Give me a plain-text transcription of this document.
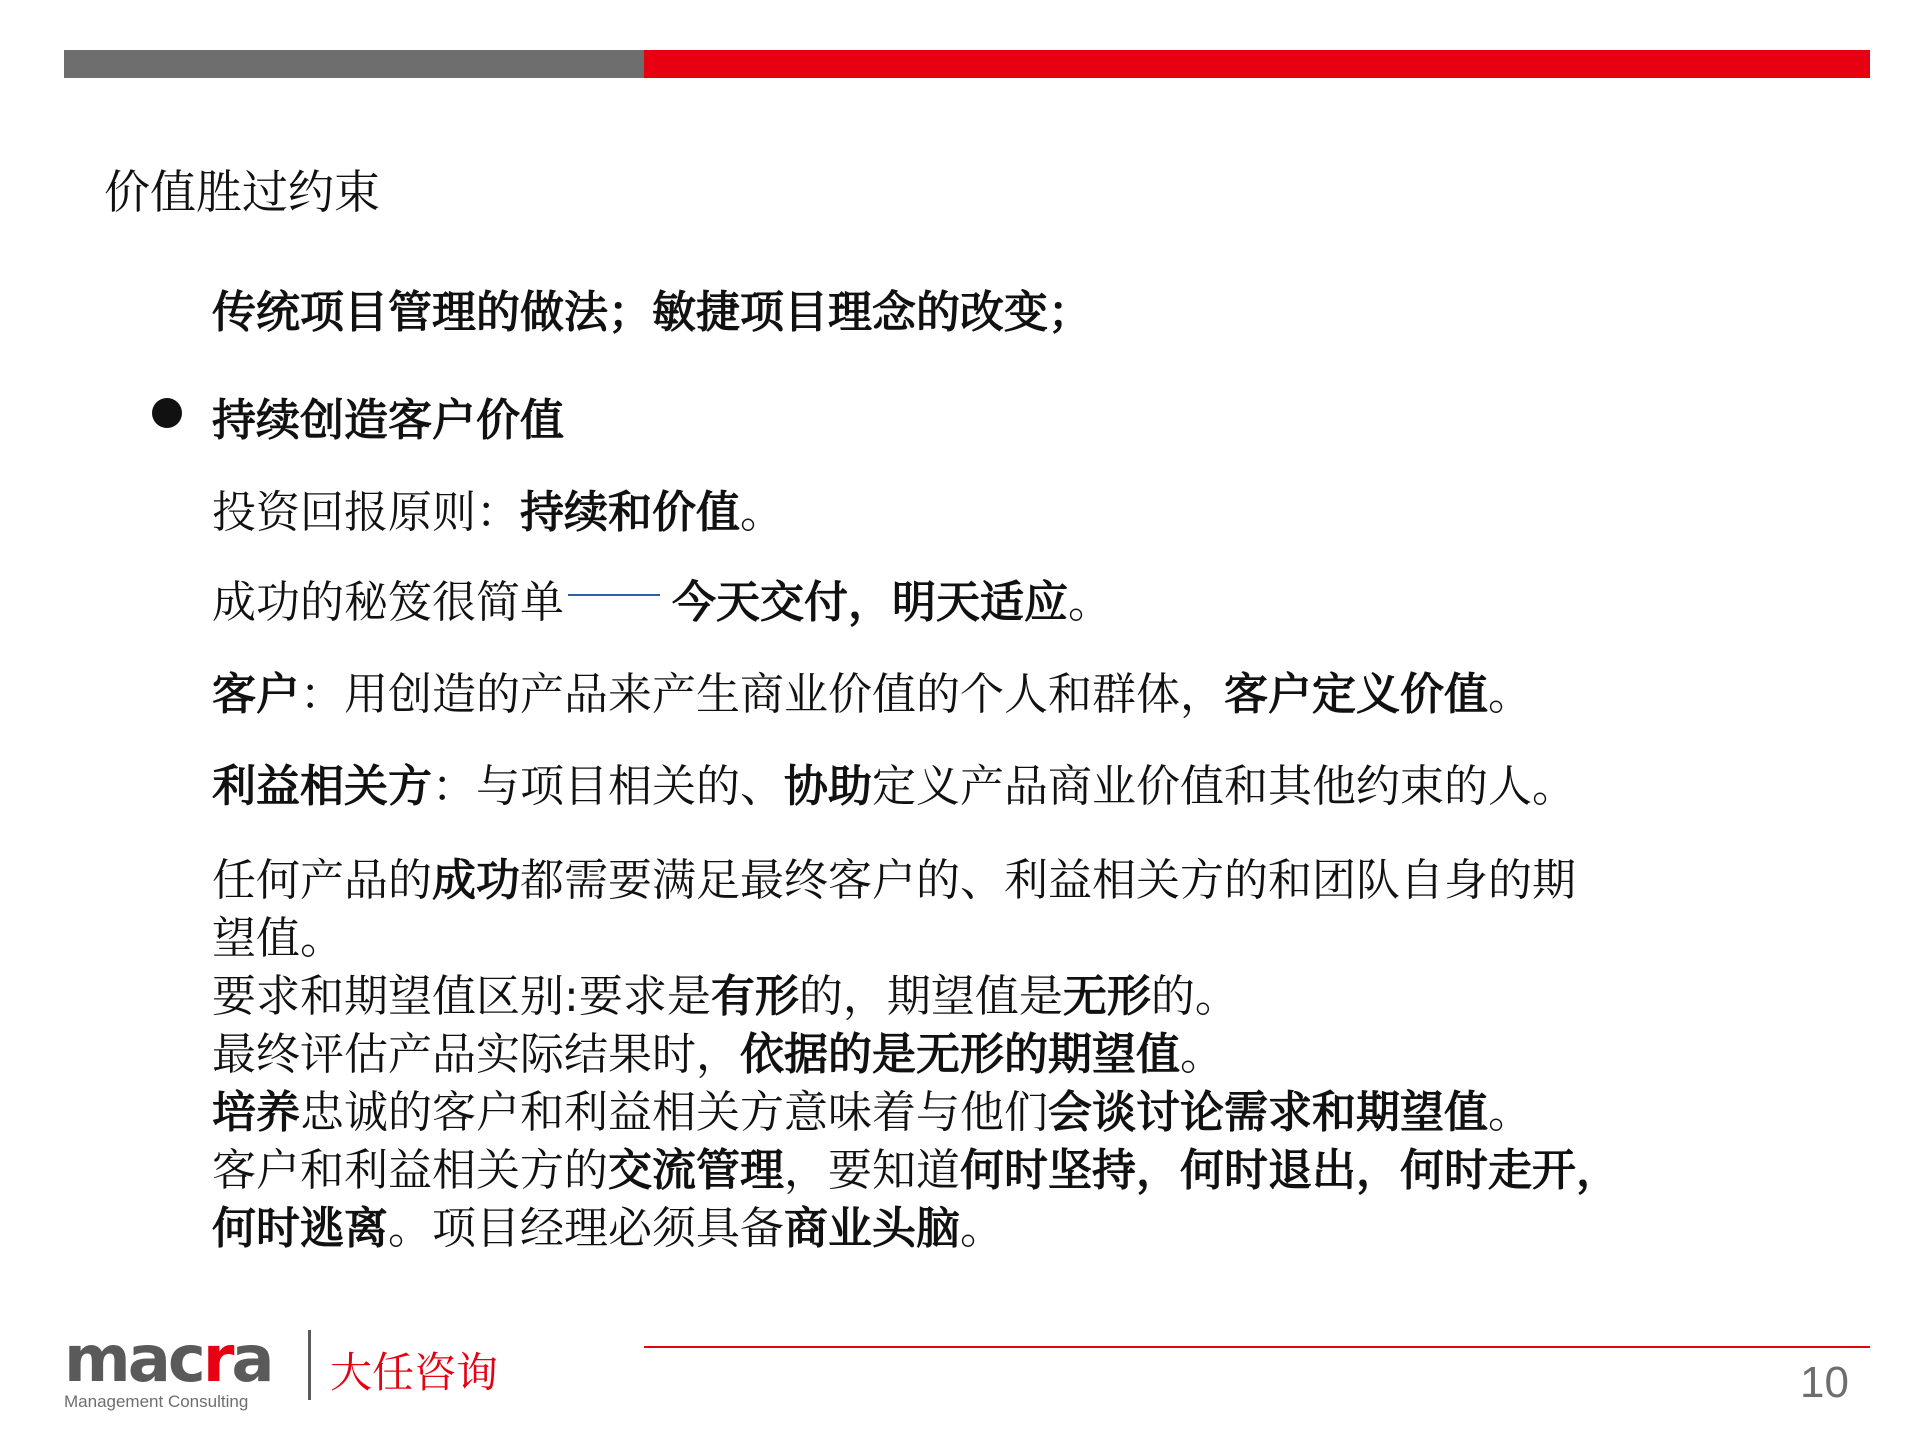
价值胜过约束

传统项目管理的做法；敏捷项目理念的改变；

持续创造客户价值

投资回报原则：持续和价值。

成功的秘笈很简单 今天交付，明天适应。

客户：用创造的产品来产生商业价值的个人和群体，客户定义价值。

利益相关方：与项目相关的、协助定义产品商业价值和其他约束的人。

任何产品的成功都需要满足最终客户的、利益相关方的和团队自身的期
望值。
要求和期望值区别:要求是有形的，期望值是无形的。
最终评估产品实际结果时，依据的是无形的期望值。
培养忠诚的客户和利益相关方意味着与他们会谈讨论需求和期望值。
客户和利益相关方的交流管理，要知道何时坚持，何时退出，何时走开，
何时逃离。项目经理必须具备商业头脑。
macra
Management Consulting
大任咨询	10
